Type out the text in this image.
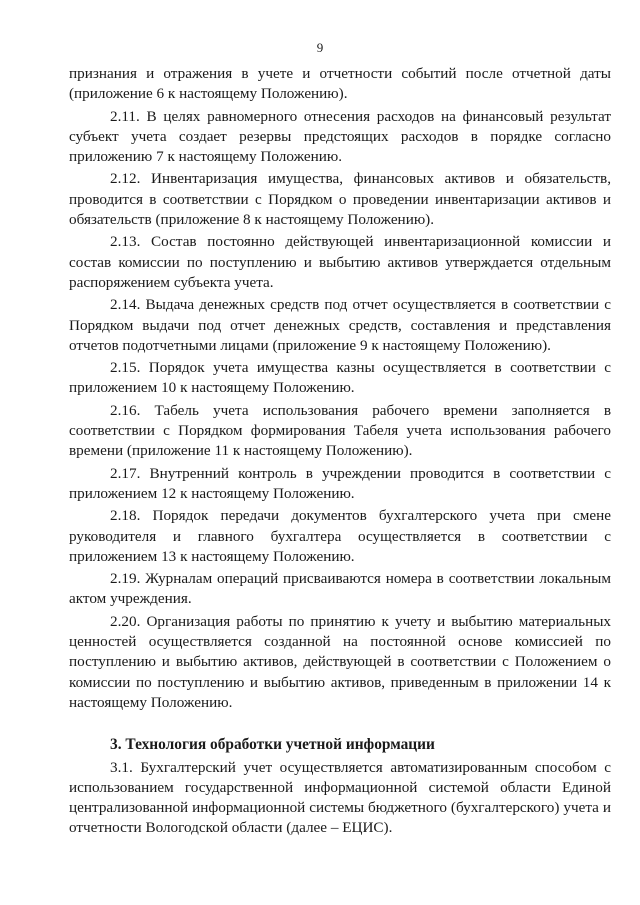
9

признания и отражения в учете и отчетности событий после отчетной даты (приложение 6 к настоящему Положению).

2.11. В целях равномерного отнесения расходов на финансовый результат субъект учета создает резервы предстоящих расходов в порядке согласно приложению 7 к настоящему Положению.

2.12. Инвентаризация имущества, финансовых активов и обязательств, проводится в соответствии с Порядком о проведении инвентаризации активов и обязательств (приложение 8 к настоящему Положению).

2.13. Состав постоянно действующей инвентаризационной комиссии и состав комиссии по поступлению и выбытию активов утверждается отдельным распоряжением субъекта учета.

2.14. Выдача денежных средств под отчет осуществляется в соответствии с Порядком выдачи под отчет денежных средств, составления и представления отчетов подотчетными лицами (приложение 9 к настоящему Положению).

2.15. Порядок учета имущества казны осуществляется в соответствии с приложением 10 к настоящему Положению.

2.16. Табель учета использования рабочего времени заполняется в соответствии с Порядком формирования Табеля учета использования рабочего времени (приложение 11 к настоящему Положению).

2.17. Внутренний контроль в учреждении проводится в соответствии с приложением 12 к настоящему Положению.

2.18. Порядок передачи документов бухгалтерского учета при смене руководителя и главного бухгалтера осуществляется в соответствии с приложением 13 к настоящему Положению.

2.19. Журналам операций присваиваются номера в соответствии локальным актом учреждения.

2.20. Организация работы по принятию к учету и выбытию материальных ценностей осуществляется созданной на постоянной основе комиссией по поступлению и выбытию активов, действующей в соответствии с Положением о комиссии по поступлению и выбытию активов, приведенным в приложении 14 к настоящему Положению.

3. Технология обработки учетной информации

3.1. Бухгалтерский учет осуществляется автоматизированным способом с использованием государственной информационной системой области Единой централизованной информационной системы бюджетного (бухгалтерского) учета и отчетности Вологодской области (далее – ЕЦИС).
